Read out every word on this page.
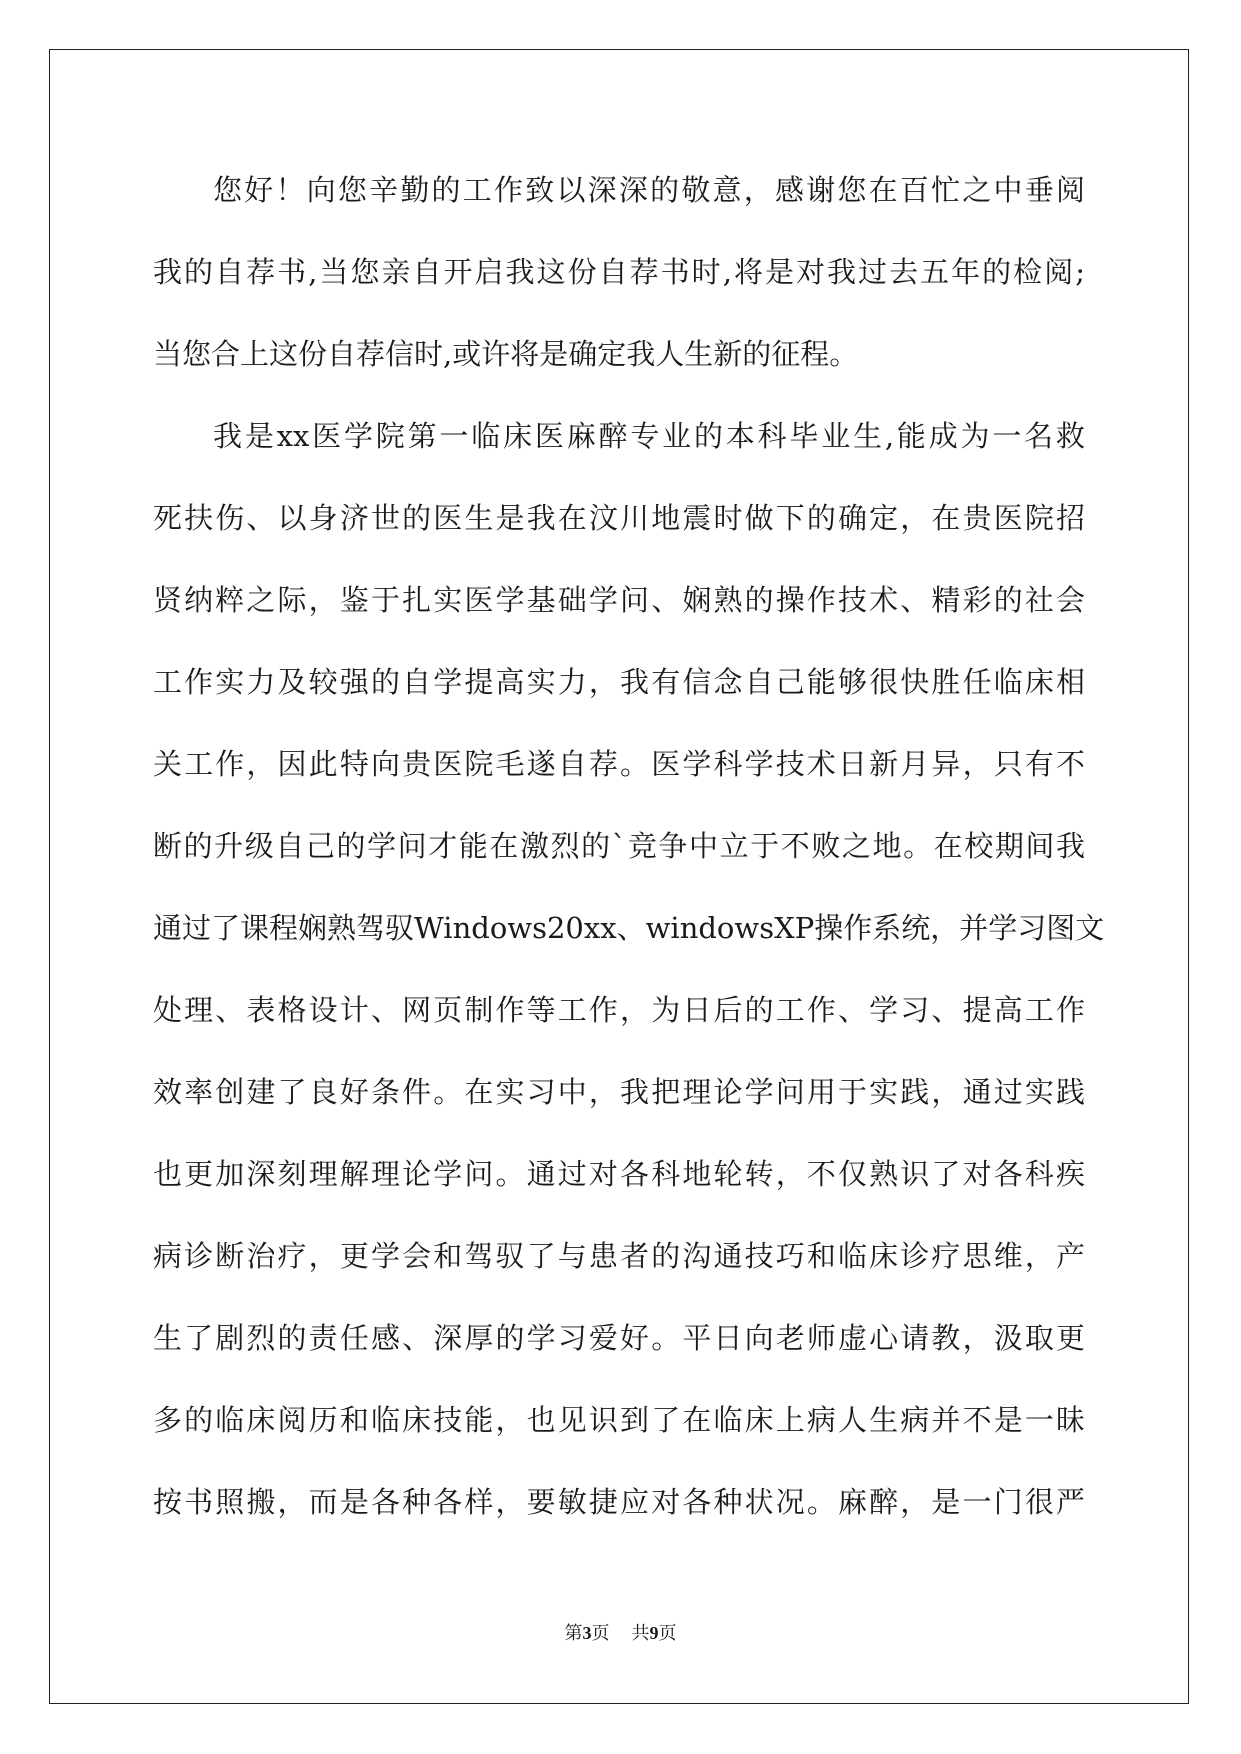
您好！向您辛勤的工作致以深深的敬意，感谢您在百忙之中垂阅
我的自荐书,当您亲自开启我这份自荐书时,将是对我过去五年的检阅;
当您合上这份自荐信时,或许将是确定我人生新的征程。
我是xx医学院第一临床医麻醉专业的本科毕业生,能成为一名救
死扶伤、以身济世的医生是我在汶川地震时做下的确定，在贵医院招
贤纳粹之际，鉴于扎实医学基础学问、娴熟的操作技术、精彩的社会
工作实力及较强的自学提高实力，我有信念自己能够很快胜任临床相
关工作，因此特向贵医院毛遂自荐。医学科学技术日新月异，只有不
断的升级自己的学问才能在激烈的`竞争中立于不败之地。在校期间我
通过了课程娴熟驾驭Windows20xx、windowsXP操作系统，并学习图文
处理、表格设计、网页制作等工作，为日后的工作、学习、提高工作
效率创建了良好条件。在实习中，我把理论学问用于实践，通过实践
也更加深刻理解理论学问。通过对各科地轮转，不仅熟识了对各科疾
病诊断治疗，更学会和驾驭了与患者的沟通技巧和临床诊疗思维，产
生了剧烈的责任感、深厚的学习爱好。平日向老师虚心请教，汲取更
多的临床阅历和临床技能，也见识到了在临床上病人生病并不是一昧
按书照搬，而是各种各样，要敏捷应对各种状况。麻醉，是一门很严
第3页 共9页
